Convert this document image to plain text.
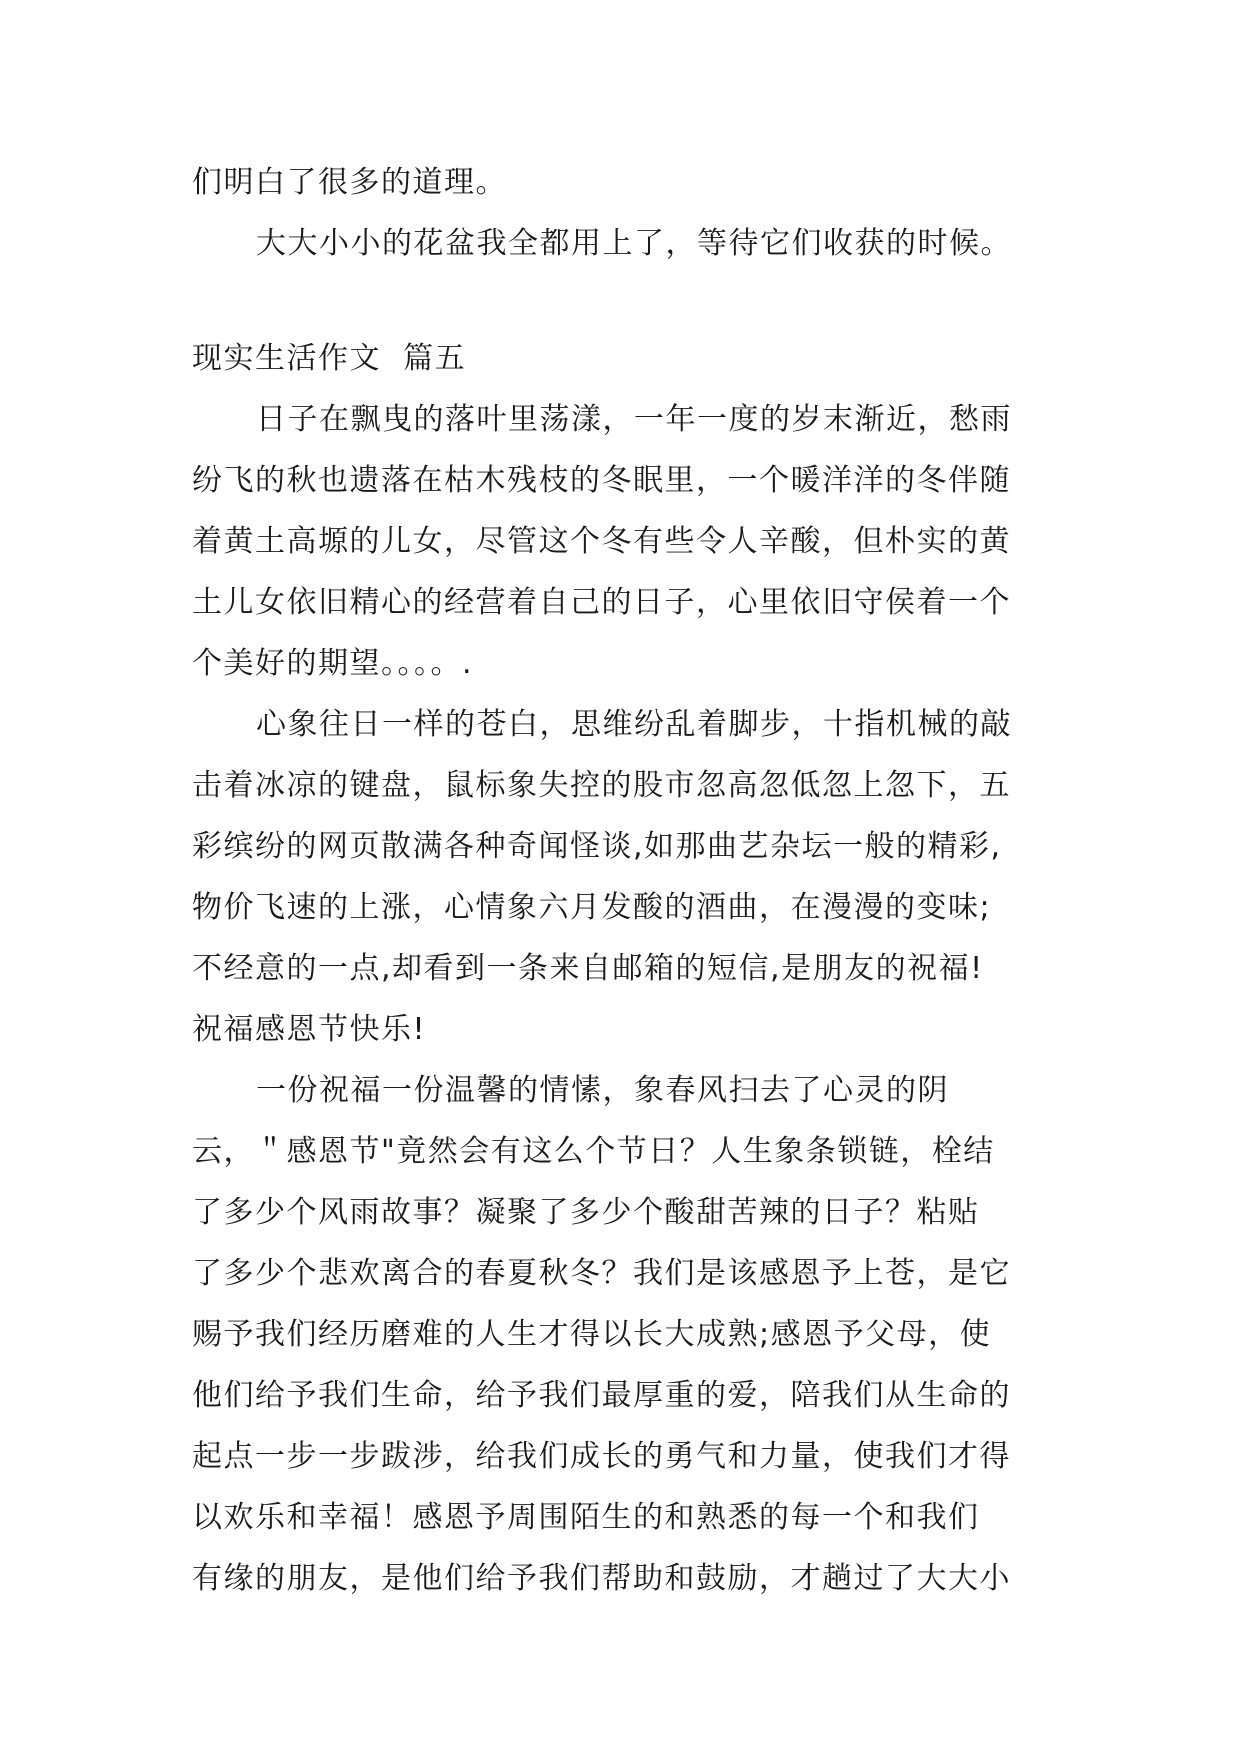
们明白了很多的道理。
大大小小的花盆我全都用上了，等待它们收获的时候。
现实生活作文  篇五
日子在飘曳的落叶里荡漾，一年一度的岁末渐近，愁雨
纷飞的秋也遗落在枯木残枝的冬眠里，一个暖洋洋的冬伴随
着黄土高塬的儿女，尽管这个冬有些令人辛酸，但朴实的黄
土儿女依旧精心的经营着自己的日子，心里依旧守侯着一个
个美好的期望。。。。.
心象往日一样的苍白，思维纷乱着脚步，十指机械的敲
击着冰凉的键盘，鼠标象失控的股市忽高忽低忽上忽下，五
彩缤纷的网页散满各种奇闻怪谈,如那曲艺杂坛一般的精彩,
物价飞速的上涨，心情象六月发酸的酒曲，在漫漫的变味;
不经意的一点,却看到一条来自邮箱的短信,是朋友的祝福!
祝福感恩节快乐!
一份祝福一份温馨的情愫，象春风扫去了心灵的阴
云，＂感恩节"竟然会有这么个节日？人生象条锁链，栓结
了多少个风雨故事？凝聚了多少个酸甜苦辣的日子？粘贴
了多少个悲欢离合的春夏秋冬？我们是该感恩予上苍，是它
赐予我们经历磨难的人生才得以长大成熟;感恩予父母，使
他们给予我们生命，给予我们最厚重的爱，陪我们从生命的
起点一步一步跋涉，给我们成长的勇气和力量，使我们才得
以欢乐和幸福！感恩予周围陌生的和熟悉的每一个和我们
有缘的朋友，是他们给予我们帮助和鼓励，才趟过了大大小
